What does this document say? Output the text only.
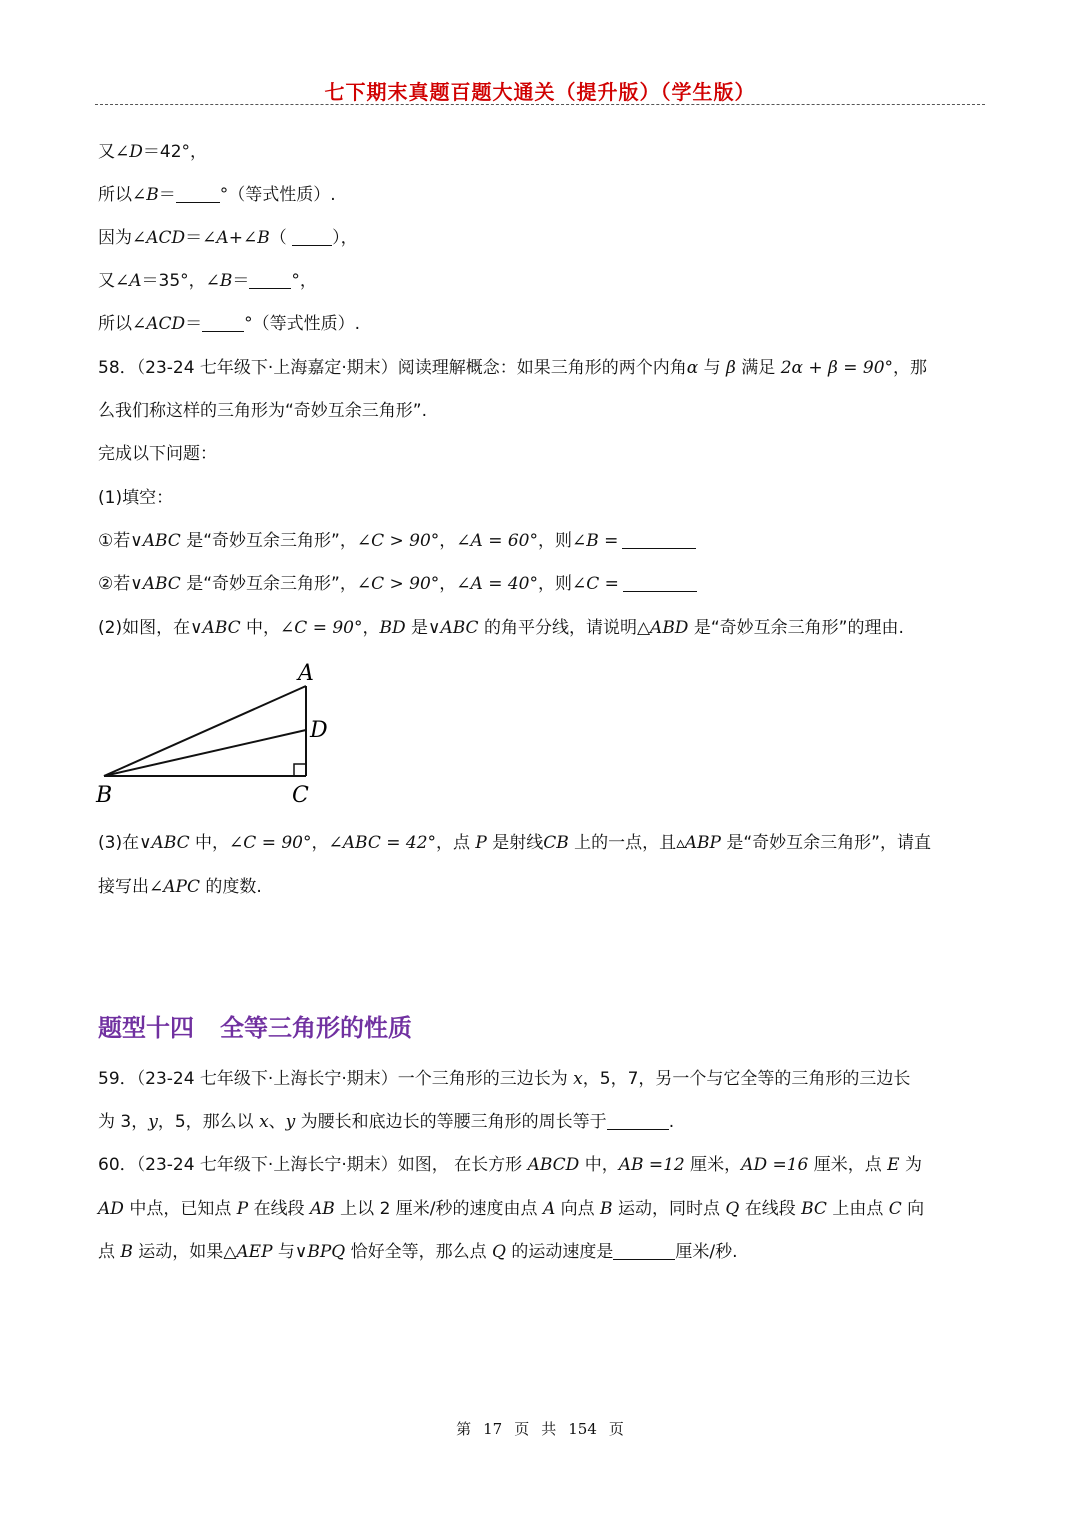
七下期末真题百题大通关（提升版）（学生版）
又∠D＝42°，
所以∠B＝	°（等式性质）.
因为∠ACD＝∠A+∠B（ ），
又∠A＝35°，∠B＝ °，
所以∠ACD＝ °（等式性质）.
58．（23-24 七年级下·上海嘉定·期末）阅读理解概念：如果三角形的两个内角α 与 β 满足 2α + β = 90°，那
么我们称这样的三角形为“奇妙互余三角形”.
完成以下问题：
(1)填空：
①若∨ABC 是“奇妙互余三角形”，∠C > 90°，∠A = 60°，则∠B =
②若∨ABC 是“奇妙互余三角形”，∠C > 90°，∠A = 40°，则∠C =
(2)如图，在∨ABC 中，∠C = 90°，BD 是∨ABC 的角平分线，请说明△ABD 是“奇妙互余三角形”的理由.
A
D
B	C
(3)在∨ABC 中，∠C = 90°，∠ABC = 42°，点 P 是射线CB 上的一点，且▵ABP 是“奇妙互余三角形”，请直
接写出∠APC 的度数.
题型十四 全等三角形的性质
59．（23-24 七年级下·上海长宁·期末）一个三角形的三边长为 x，5，7，另一个与它全等的三角形的三边长
为 3，y，5，那么以 x、y 为腰长和底边长的等腰三角形的周长等于	.
60．（23-24 七年级下·上海长宁·期末）如图， 在长方形 ABCD 中，AB =12 厘米，AD =16 厘米，点 E 为
AD 中点，已知点 P 在线段 AB 上以 2 厘米/秒的速度由点 A 向点 B 运动，同时点 Q 在线段 BC 上由点 C 向
点 B 运动，如果△AEP 与∨BPQ 恰好全等，那么点 Q 的运动速度是	厘米/秒.
第 17 页 共 154 页
